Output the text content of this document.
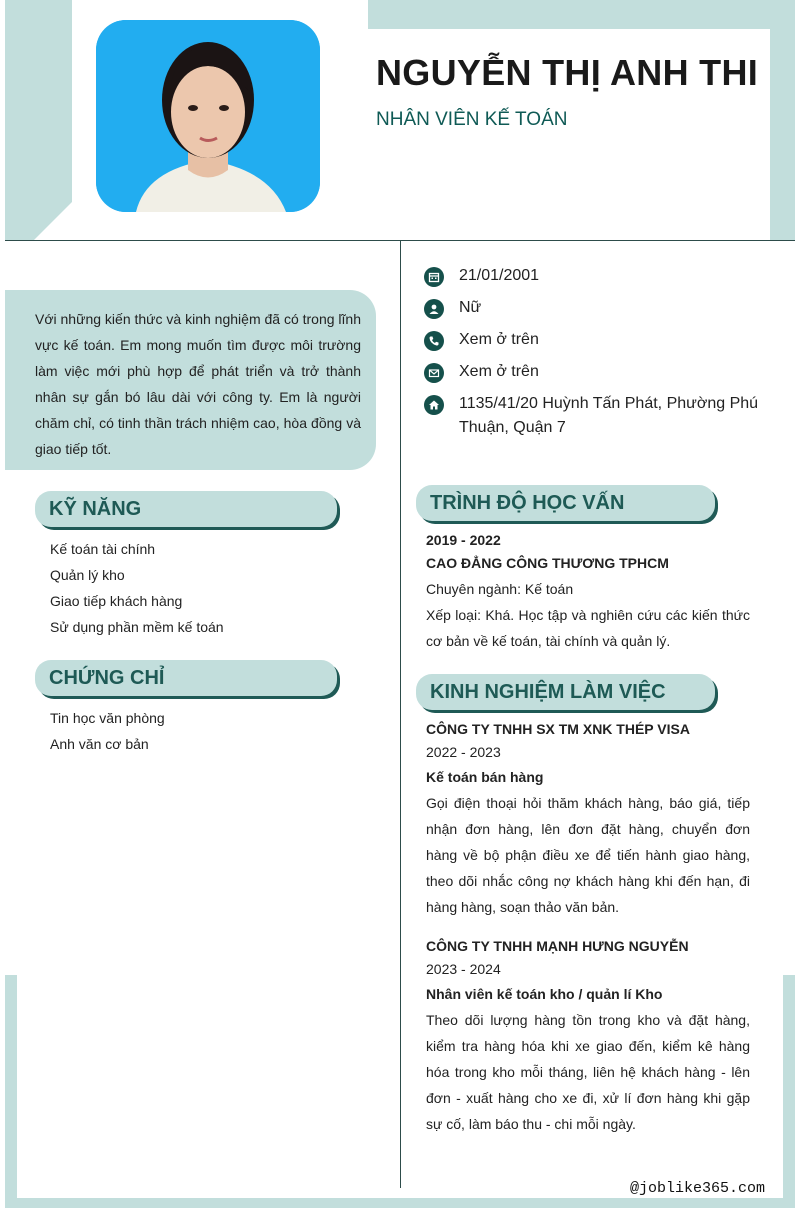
NGUYỄN THỊ ANH THI
NHÂN VIÊN KẾ TOÁN
Với những kiến thức và kinh nghiệm đã có trong lĩnh vực kế toán. Em mong muốn tìm được môi trường làm việc mới phù hợp để phát triển và trở thành nhân sự gắn bó lâu dài với công ty. Em là người chăm chỉ, có tinh thần trách nhiệm cao, hòa đồng và giao tiếp tốt.
KỸ NĂNG
Kế toán tài chính
Quản lý kho
Giao tiếp khách hàng
Sử dụng phần mềm kế toán
CHỨNG CHỈ
Tin học văn phòng
Anh văn cơ bản
21/01/2001
Nữ
Xem ở trên
Xem ở trên
1135/41/20 Huỳnh Tấn Phát, Phường Phú Thuận, Quận 7
TRÌNH ĐỘ HỌC VẤN
2019 - 2022
CAO ĐẲNG CÔNG THƯƠNG TPHCM
Chuyên ngành: Kế toán
Xếp loại: Khá. Học tập và nghiên cứu các kiến thức cơ bản về kế toán, tài chính và quản lý.
KINH NGHIỆM LÀM VIỆC
CÔNG TY TNHH SX TM XNK THÉP VISA
2022 - 2023
Kế toán bán hàng
Gọi điện thoại hỏi thăm khách hàng, báo giá, tiếp nhận đơn hàng, lên đơn đặt hàng, chuyển đơn hàng về bộ phận điều xe để tiến hành giao hàng, theo dõi nhắc công nợ khách hàng khi đến hạn, đi hàng hàng, soạn thảo văn bản.
CÔNG TY TNHH MẠNH HƯNG NGUYỄN
2023 - 2024
Nhân viên kế toán kho / quản lí Kho
Theo dõi lượng hàng tồn trong kho và đặt hàng, kiểm tra hàng hóa khi xe giao đến, kiểm kê hàng hóa trong kho mỗi tháng, liên hệ khách hàng - lên đơn - xuất hàng cho xe đi, xử lí đơn hàng khi gặp sự cố, làm báo thu - chi mỗi ngày.
@joblike365.com
